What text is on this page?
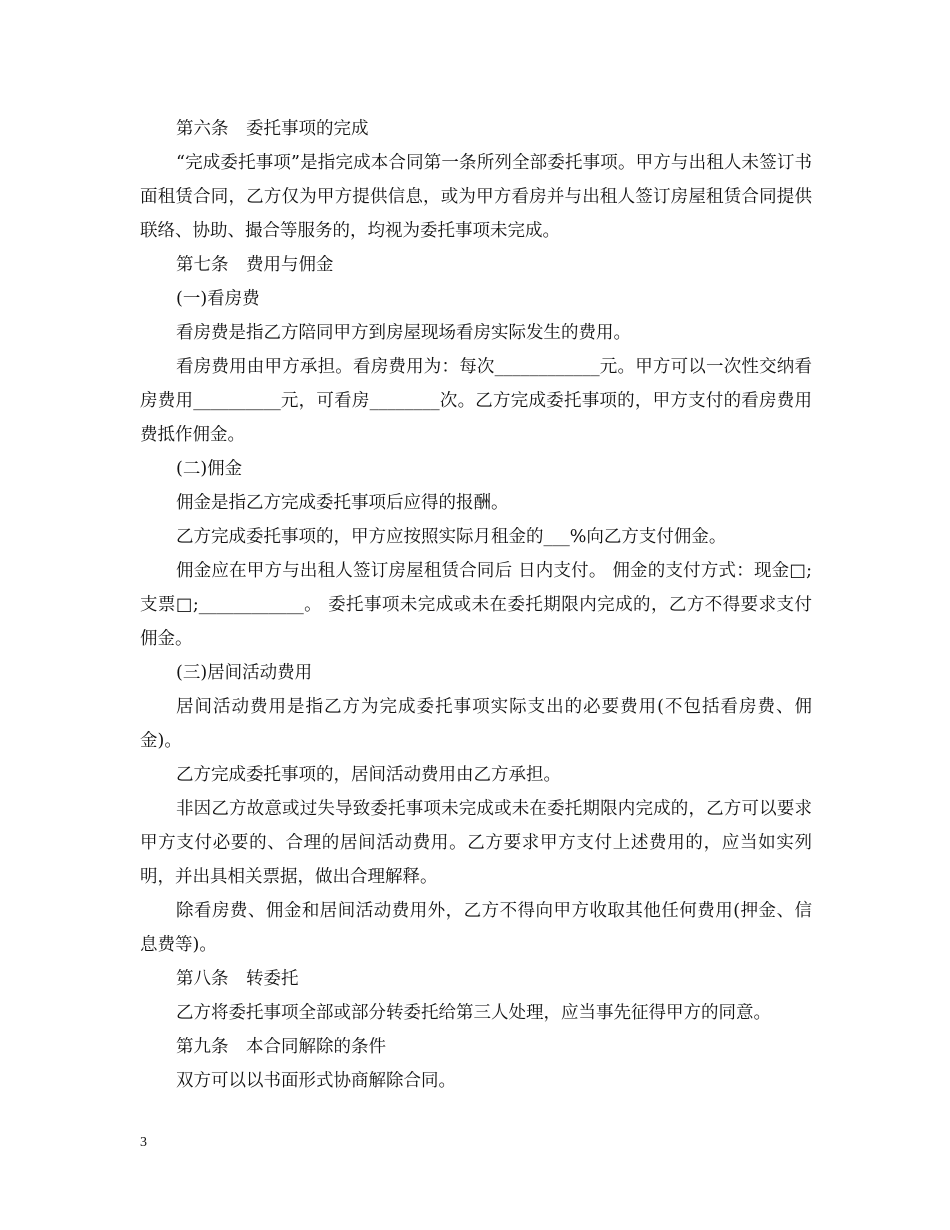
第六条　委托事项的完成

“完成委托事项”是指完成本合同第一条所列全部委托事项。甲方与出租人未签订书面租赁合同，乙方仅为甲方提供信息，或为甲方看房并与出租人签订房屋租赁合同提供联络、协助、撮合等服务的，均视为委托事项未完成。

第七条　费用与佣金

(一)看房费

看房费是指乙方陪同甲方到房屋现场看房实际发生的费用。

看房费用由甲方承担。看房费用为：每次____________元。甲方可以一次性交纳看房费用__________元，可看房________次。乙方完成委托事项的，甲方支付的看房费用费抵作佣金。

(二)佣金

佣金是指乙方完成委托事项后应得的报酬。

乙方完成委托事项的，甲方应按照实际月租金的___%向乙方支付佣金。

佣金应在甲方与出租人签订房屋租赁合同后 日内支付。 佣金的支付方式：现金□;支票□;____________。 委托事项未完成或未在委托期限内完成的，乙方不得要求支付佣金。

(三)居间活动费用

居间活动费用是指乙方为完成委托事项实际支出的必要费用(不包括看房费、佣金)。

乙方完成委托事项的，居间活动费用由乙方承担。

非因乙方故意或过失导致委托事项未完成或未在委托期限内完成的，乙方可以要求甲方支付必要的、合理的居间活动费用。乙方要求甲方支付上述费用的，应当如实列明，并出具相关票据，做出合理解释。

除看房费、佣金和居间活动费用外，乙方不得向甲方收取其他任何费用(押金、信息费等)。

第八条　转委托

乙方将委托事项全部或部分转委托给第三人处理，应当事先征得甲方的同意。

第九条　本合同解除的条件

双方可以以书面形式协商解除合同。

3
